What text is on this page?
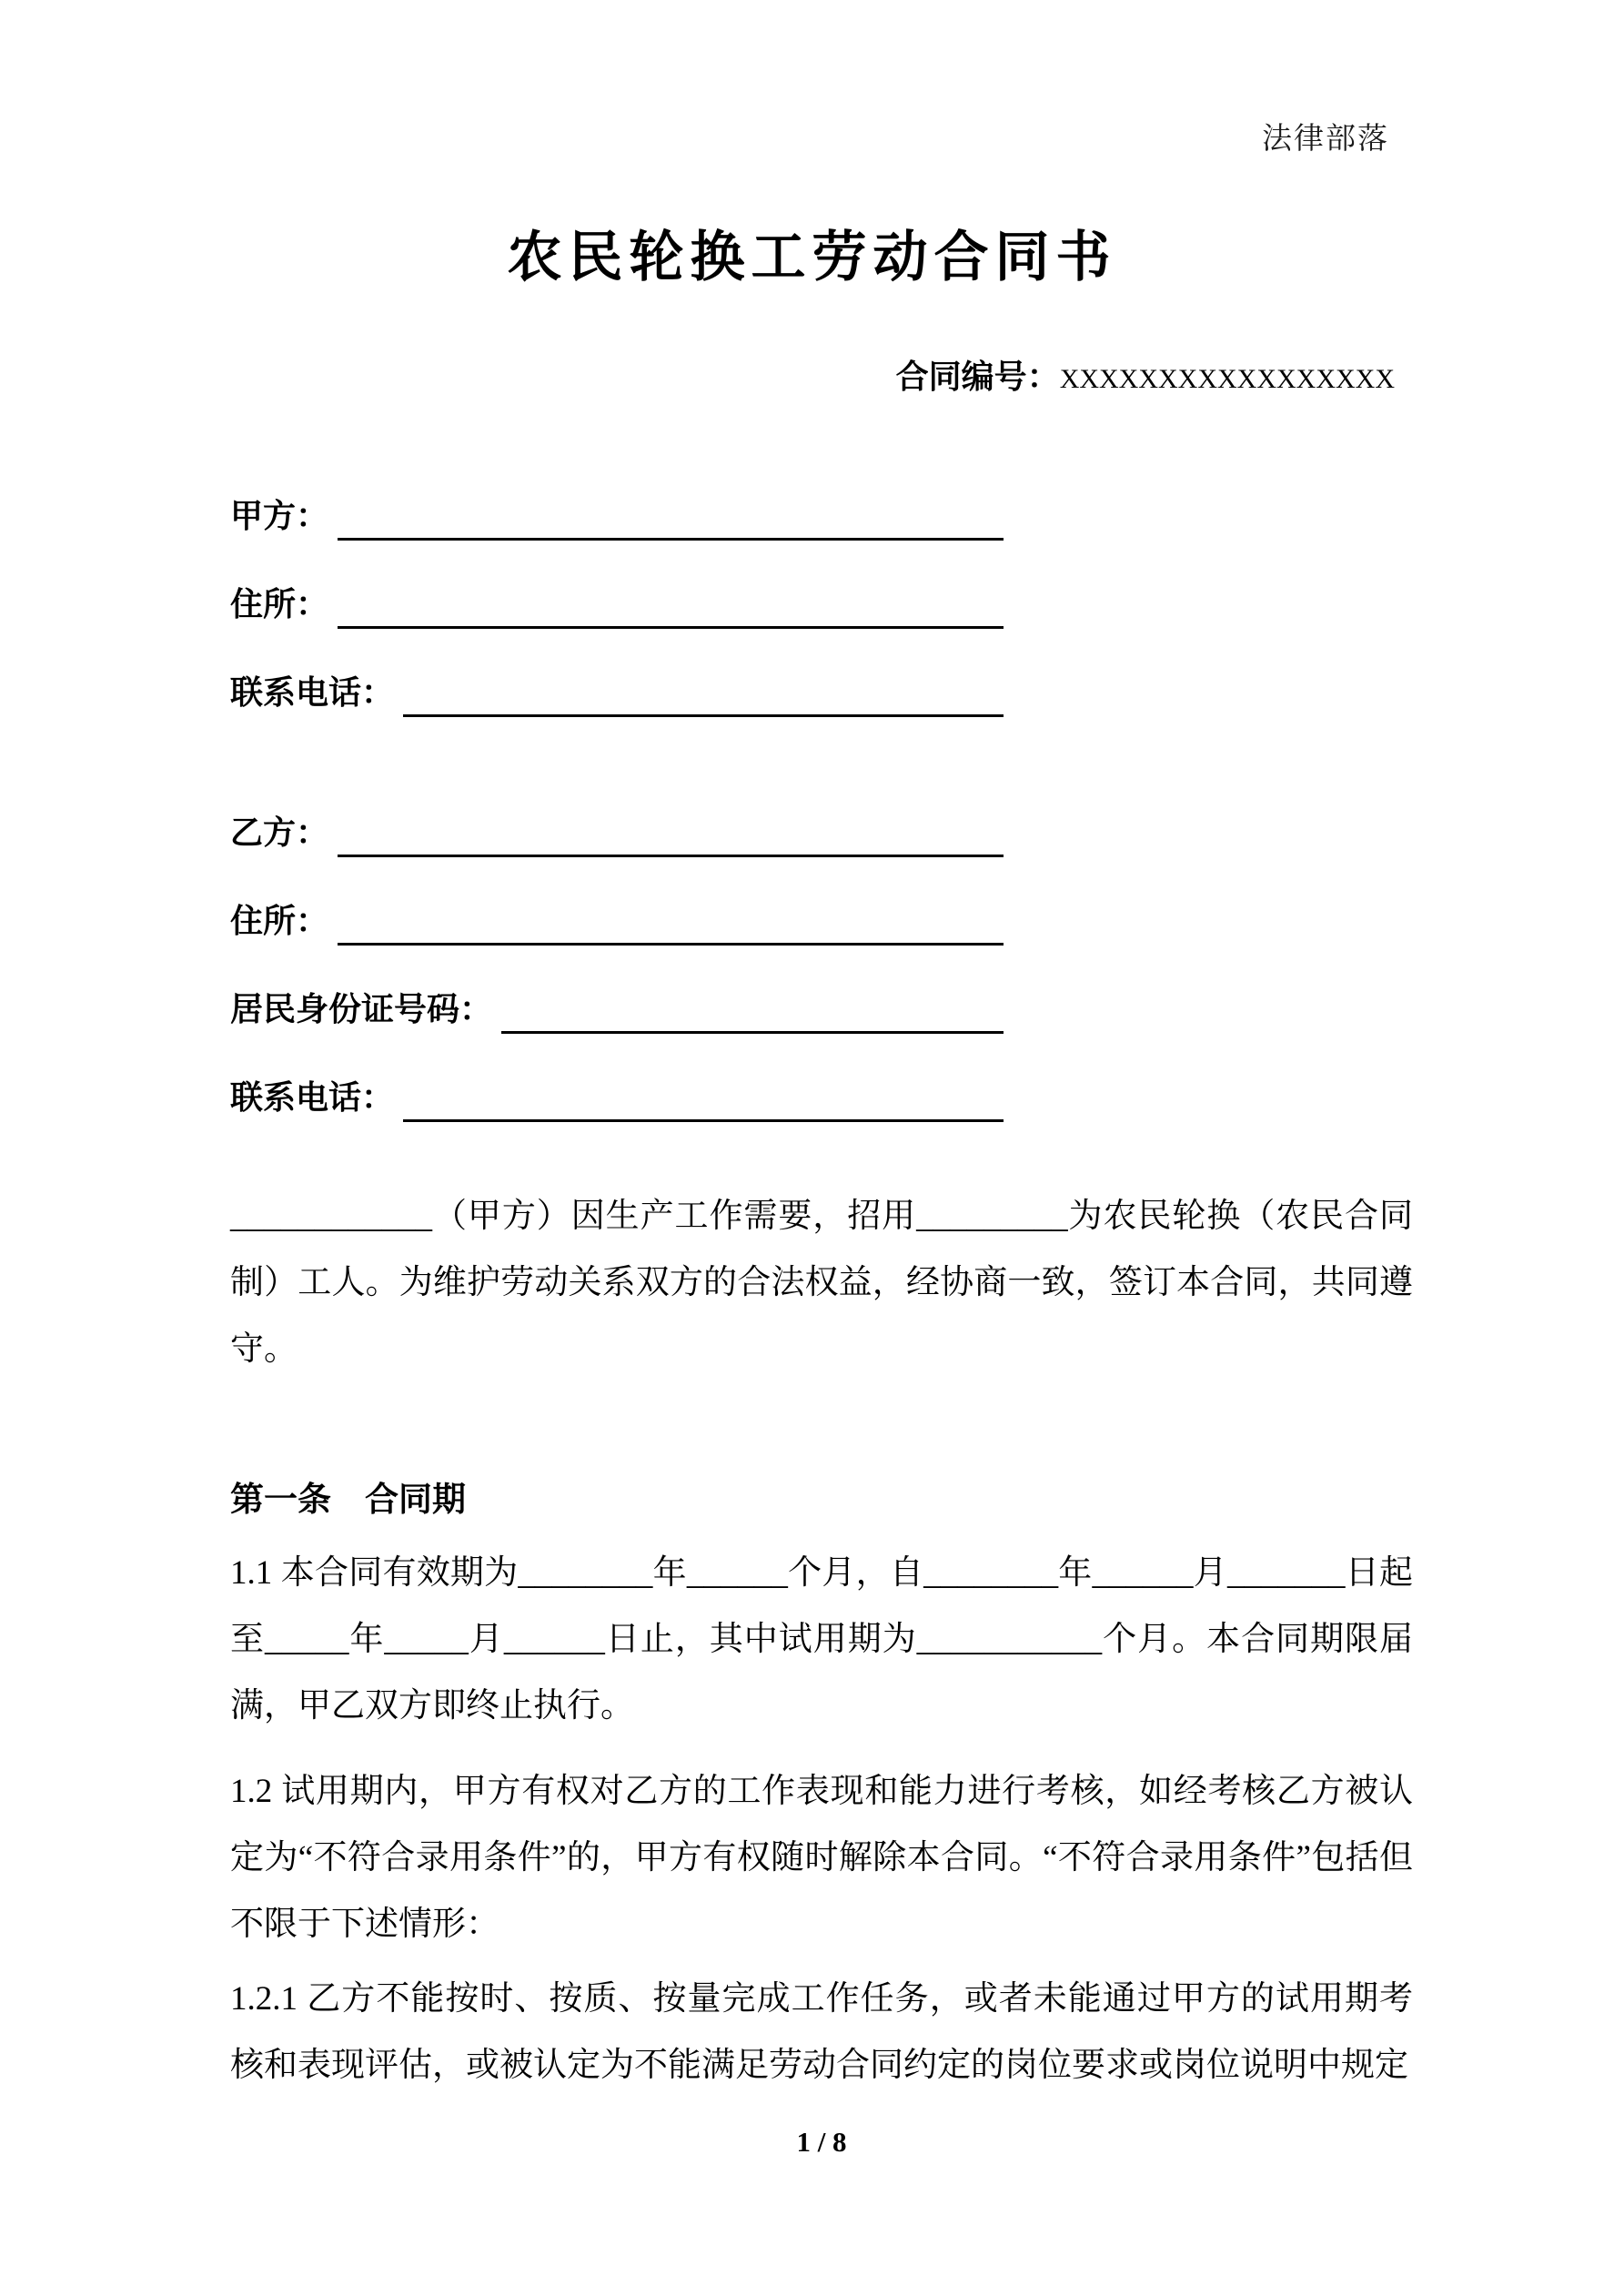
法律部落
农民轮换工劳动合同书
合同编号： XXXXXXXXXXXXXXXXX
甲方：
住所：
联系电话：
乙方：
住所：
居民身份证号码：
联系电话：

____________（甲方）因生产工作需要，招用_________为农民轮换（农民合同制）工人。为维护劳动关系双方的合法权益，经协商一致，签订本合同，共同遵守。

第一条　合同期

1.1 本合同有效期为________年______个月，自________年______月_______日起至_____年_____月______日止，其中试用期为___________个月。本合同期限届满，甲乙双方即终止执行。

1.2 试用期内，甲方有权对乙方的工作表现和能力进行考核，如经考核乙方被认定为“不符合录用条件”的，甲方有权随时解除本合同。“不符合录用条件”包括但不限于下述情形：

1.2.1 乙方不能按时、按质、按量完成工作任务，或者未能通过甲方的试用期考核和表现评估，或被认定为不能满足劳动合同约定的岗位要求或岗位说明中规定

1 / 8
